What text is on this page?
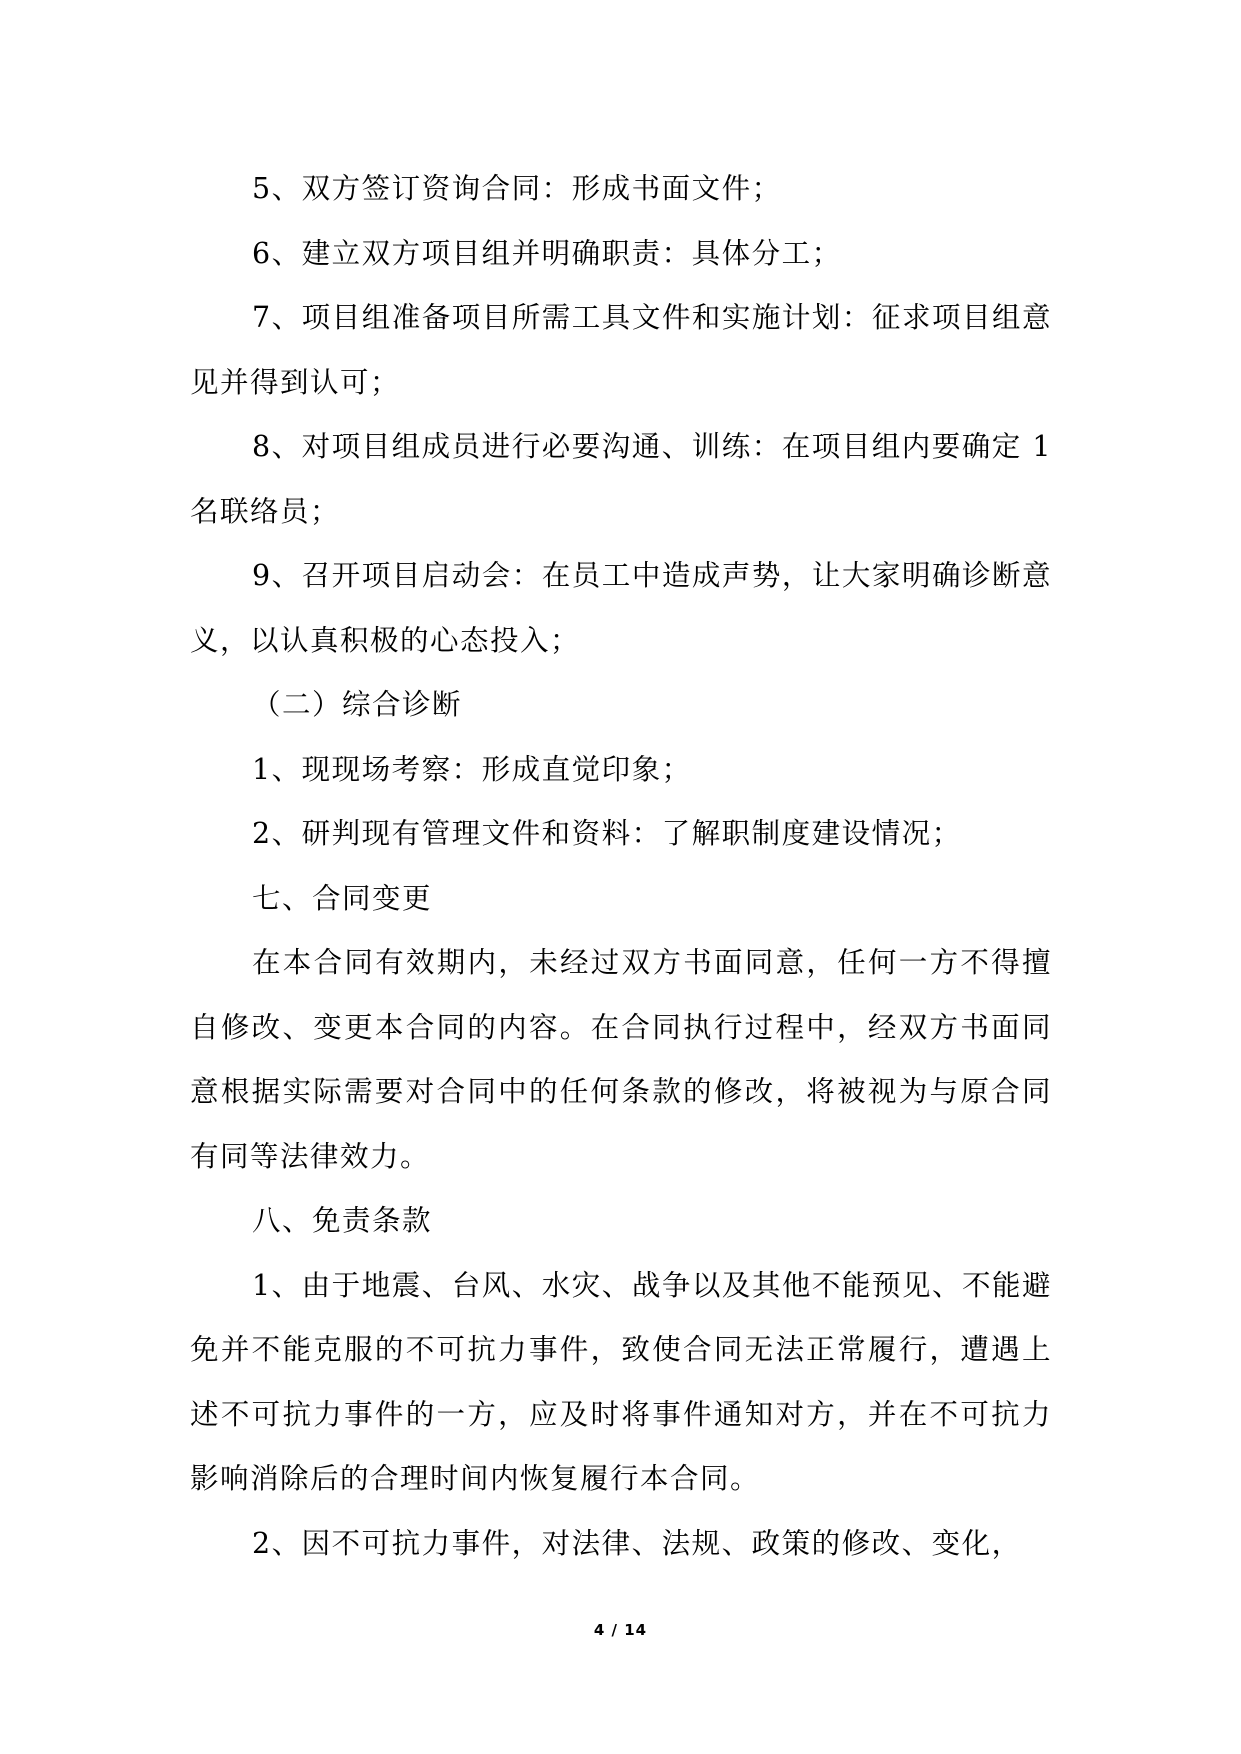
5、双方签订资询合同：形成书面文件；

6、建立双方项目组并明确职责：具体分工；

7、项目组准备项目所需工具文件和实施计划：征求项目组意见并得到认可；

8、对项目组成员进行必要沟通、训练：在项目组内要确定 1 名联络员；

9、召开项目启动会：在员工中造成声势，让大家明确诊断意义，以认真积极的心态投入；

（二）综合诊断

1、现现场考察：形成直觉印象；

2、研判现有管理文件和资料：了解职制度建设情况；

七、合同变更

在本合同有效期内，未经过双方书面同意，任何一方不得擅自修改、变更本合同的内容。在合同执行过程中，经双方书面同意根据实际需要对合同中的任何条款的修改，将被视为与原合同有同等法律效力。

八、免责条款

1、由于地震、台风、水灾、战争以及其他不能预见、不能避免并不能克服的不可抗力事件，致使合同无法正常履行，遭遇上述不可抗力事件的一方，应及时将事件通知对方，并在不可抗力影响消除后的合理时间内恢复履行本合同。

2、因不可抗力事件，对法律、法规、政策的修改、变化，

4 / 14
